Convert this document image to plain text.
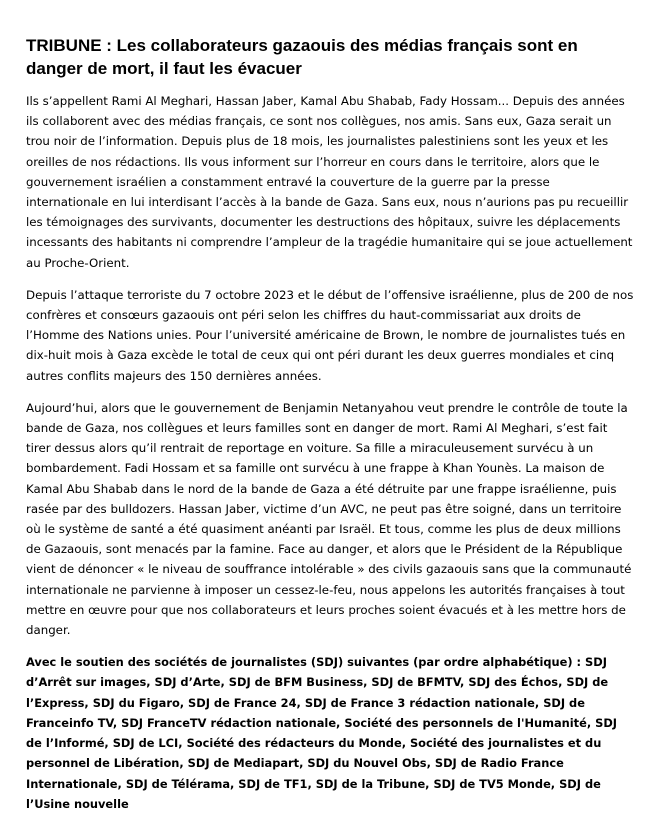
TRIBUNE : Les collaborateurs gazaouis des médias français sont en danger de mort, il faut les évacuer

Ils s’appellent Rami Al Meghari, Hassan Jaber, Kamal Abu Shabab, Fady Hossam... Depuis des années ils collaborent avec des médias français, ce sont nos collègues, nos amis. Sans eux, Gaza serait un trou noir de l’information. Depuis plus de 18 mois, les journalistes palestiniens sont les yeux et les oreilles de nos rédactions. Ils vous informent sur l’horreur en cours dans le territoire, alors que le gouvernement israélien a constamment entravé la couverture de la guerre par la presse internationale en lui interdisant l’accès à la bande de Gaza. Sans eux, nous n’aurions pas pu recueillir les témoignages des survivants, documenter les destructions des hôpitaux, suivre les déplacements incessants des habitants ni comprendre l’ampleur de la tragédie humanitaire qui se joue actuellement au Proche-Orient.

Depuis l’attaque terroriste du 7 octobre 2023 et le début de l’offensive israélienne, plus de 200 de nos confrères et consœurs gazaouis ont péri selon les chiffres du haut-commissariat aux droits de l’Homme des Nations unies. Pour l’université américaine de Brown, le nombre de journalistes tués en dix-huit mois à Gaza excède le total de ceux qui ont péri durant les deux guerres mondiales et cinq autres conflits majeurs des 150 dernières années.

Aujourd’hui, alors que le gouvernement de Benjamin Netanyahou veut prendre le contrôle de toute la bande de Gaza, nos collègues et leurs familles sont en danger de mort. Rami Al Meghari, s’est fait tirer dessus alors qu’il rentrait de reportage en voiture. Sa fille a miraculeusement survécu à un bombardement. Fadi Hossam et sa famille ont survécu à une frappe à Khan Younès. La maison de Kamal Abu Shabab dans le nord de la bande de Gaza a été détruite par une frappe israélienne, puis rasée par des bulldozers. Hassan Jaber, victime d’un AVC, ne peut pas être soigné, dans un territoire où le système de santé a été quasiment anéanti par Israël. Et tous, comme les plus de deux millions de Gazaouis, sont menacés par la famine. Face au danger, et alors que le Président de la République vient de dénoncer « le niveau de souffrance intolérable » des civils gazaouis sans que la communauté internationale ne parvienne à imposer un cessez-le-feu, nous appelons les autorités françaises à tout mettre en œuvre pour que nos collaborateurs et leurs proches soient évacués et à les mettre hors de danger.

Avec le soutien des sociétés de journalistes (SDJ) suivantes (par ordre alphabétique) : SDJ d’Arrêt sur images, SDJ d’Arte, SDJ de BFM Business, SDJ de BFMTV, SDJ des Échos, SDJ de l’Express, SDJ du Figaro, SDJ de France 24, SDJ de France 3 rédaction nationale, SDJ de Franceinfo TV, SDJ FranceTV rédaction nationale, Société des personnels de l'Humanité, SDJ de l’Informé, SDJ de LCI, Société des rédacteurs du Monde, Société des journalistes et du personnel de Libération, SDJ de Mediapart, SDJ du Nouvel Obs, SDJ de Radio France Internationale, SDJ de Télérama, SDJ de TF1, SDJ de la Tribune, SDJ de TV5 Monde, SDJ de l’Usine nouvelle
